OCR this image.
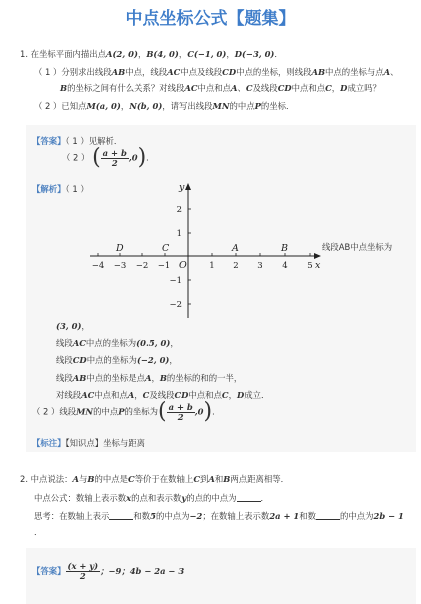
中点坐标公式【题集】
1. 在坐标平面内描出点A(2, 0)，B(4, 0)，C(−1, 0)，D(−3, 0)．
（ 1 ）分别求出线段AB中点，线段AC中点及线段CD中点的坐标，则线段AB中点的坐标与点A、
B的坐标之间有什么关系？对线段AC中点和点A、C及线段CD中点和点C，D成立吗？
（ 2 ）已知点M(a, 0)，N(b, 0)，请写出线段MN的中点P的坐标．
【答案】（ 1 ）见解析．
（ 2 ） ( $\frac{a + b}{2} ,0$)．
【解析】（ 1 ）
−4 −3 −2 −1	1 2 3 4 5
2
1
−1
−2
x
y
O
D	C	A	B	线段AB中点坐标为
(3, 0)，
线段AC中点的坐标为(0.5, 0)，
线段CD中点的坐标为(−2, 0)，
线段AB中点的坐标是点A，B的坐标的和的一半，
对线段AC中点和点A，C及线段CD中点和点C，D成立．
（ 2 ）线段MN的中点P的坐标为( $\frac{a + b}{2} ,0$)．
【标注】【知识点】坐标与距离
2. 中点说法：A与B的中点是C等价于在数轴上C到A和B两点距离相等．
中点公式：数轴上表示数x的点和表示数y的点的中点为	．
思考：在数轴上表示	和数5的中点为−2；在数轴上表示数2a + 1和数	的中点为2b − 1
．
【答案】 $\frac{(x + y)}{2}$ ；−9；4b − 2a − 3
